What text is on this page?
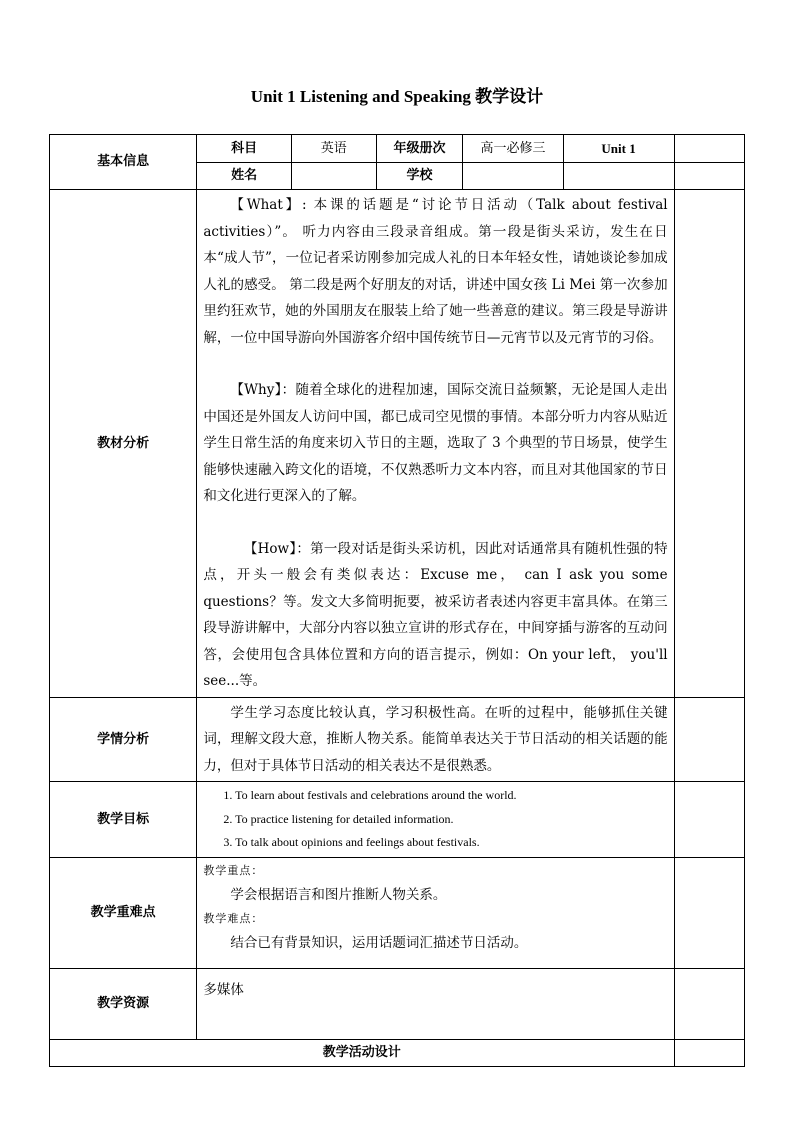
Unit 1 Listening and Speaking 教学设计
基本信息	科目	英语	年级册次	高一必修三	Unit 1	
	姓名		学校			
教材分析	【What】: 本课的话题是“讨论节日活动（Talk about festival activities）”。 听力内容由三段录音组成。第一段是街头采访，发生在日本“成人节”，一位记者采访刚参加完成人礼的日本年轻女性，请她谈论参加成人礼的感受。 第二段是两个好朋友的对话，讲述中国女孩 Li Mei 第一次参加里约狂欢节，她的外国朋友在服装上给了她一些善意的建议。第三段是导游讲解，一位中国导游向外国游客介绍中国传统节日—元宵节以及元宵节的习俗。

【Why】：随着全球化的进程加速，国际交流日益频繁，无论是国人走出中国还是外国友人访问中国，都已成司空见惯的事情。本部分听力内容从贴近学生日常生活的角度来切入节日的主题，选取了 3 个典型的节日场景，使学生能够快速融入跨文化的语境，不仅熟悉听力文本内容，而且对其他国家的节日和文化进行更深入的了解。

【How】：第一段对话是街头采访机，因此对话通常具有随机性强的特点，开头一般会有类似表达：Excuse me， can I ask you some questions？等。发文大多简明扼要，被采访者表述内容更丰富具体。在第三段导游讲解中，大部分内容以独立宣讲的形式存在，中间穿插与游客的互动问答，会使用包含具体位置和方向的语言提示，例如：On your left， you'll see...等。					

学情分析	学生学习态度比较认真，学习积极性高。在听的过程中，能够抓住关键词，理解文段大意，推断人物关系。能简单表达关于节日活动的相关话题的能力，但对于具体节日活动的相关表达不是很熟悉。					

教学目标	1. To learn about festivals and celebrations around the world.

2. To practice listening for detailed information.

3. To talk about opinions and feelings about festivals.					

教学重难点	教学重点：

学会根据语言和图片推断人物关系。

教学难点：

结合已有背景知识，运用话题词汇描述节日活动。					

教学资源	多媒体					

教学活动设计						
